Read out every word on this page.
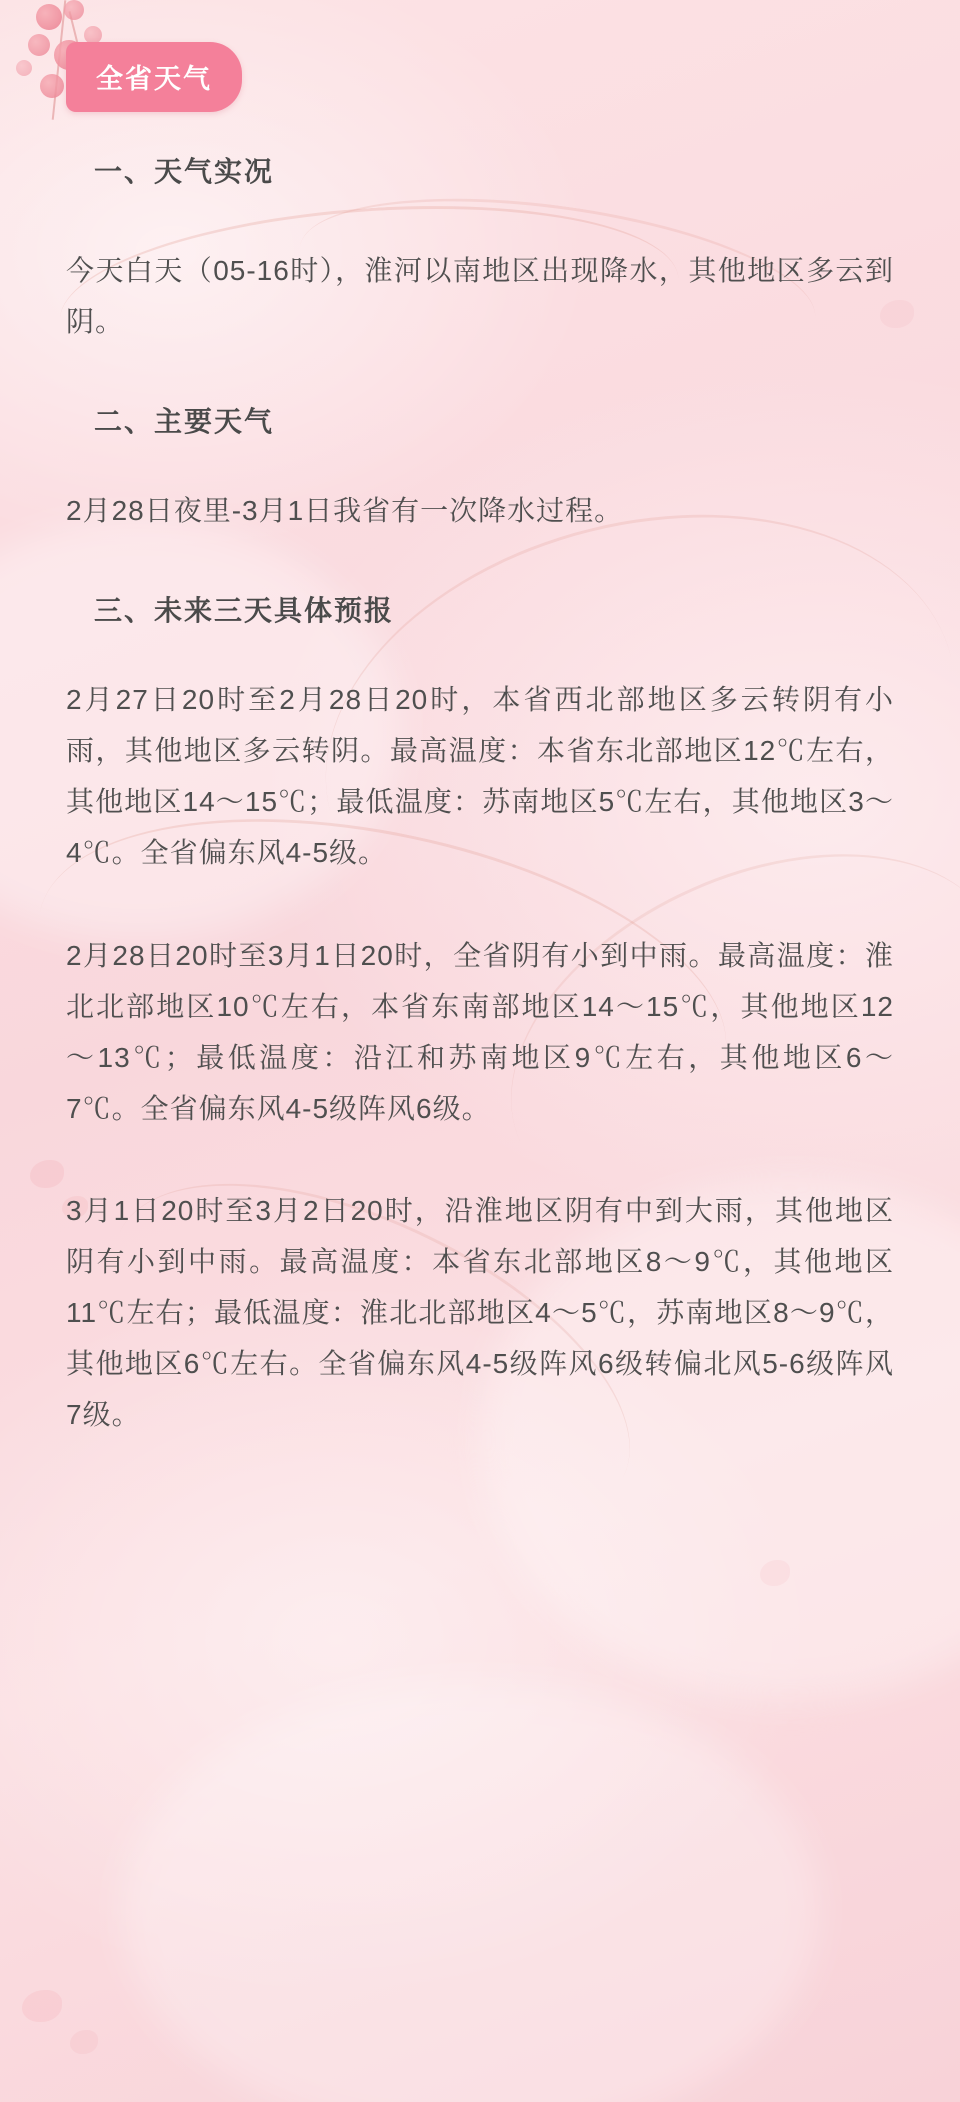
全省天气
一、天气实况

今天白天（05-16时），淮河以南地区出现降水，其他地区多云到阴。

二、主要天气

2月28日夜里-3月1日我省有一次降水过程。

三、未来三天具体预报

2月27日20时至2月28日20时，本省西北部地区多云转阴有小雨，其他地区多云转阴。最高温度：本省东北部地区12℃左右，其他地区14～15℃；最低温度：苏南地区5℃左右，其他地区3～4℃。全省偏东风4-5级。

2月28日20时至3月1日20时，全省阴有小到中雨。最高温度：淮北北部地区10℃左右，本省东南部地区14～15℃，其他地区12～13℃；最低温度：沿江和苏南地区9℃左右，其他地区6～7℃。全省偏东风4-5级阵风6级。

3月1日20时至3月2日20时，沿淮地区阴有中到大雨，其他地区阴有小到中雨。最高温度：本省东北部地区8～9℃，其他地区11℃左右；最低温度：淮北北部地区4～5℃，苏南地区8～9℃，其他地区6℃左右。全省偏东风4-5级阵风6级转偏北风5-6级阵风7级。
